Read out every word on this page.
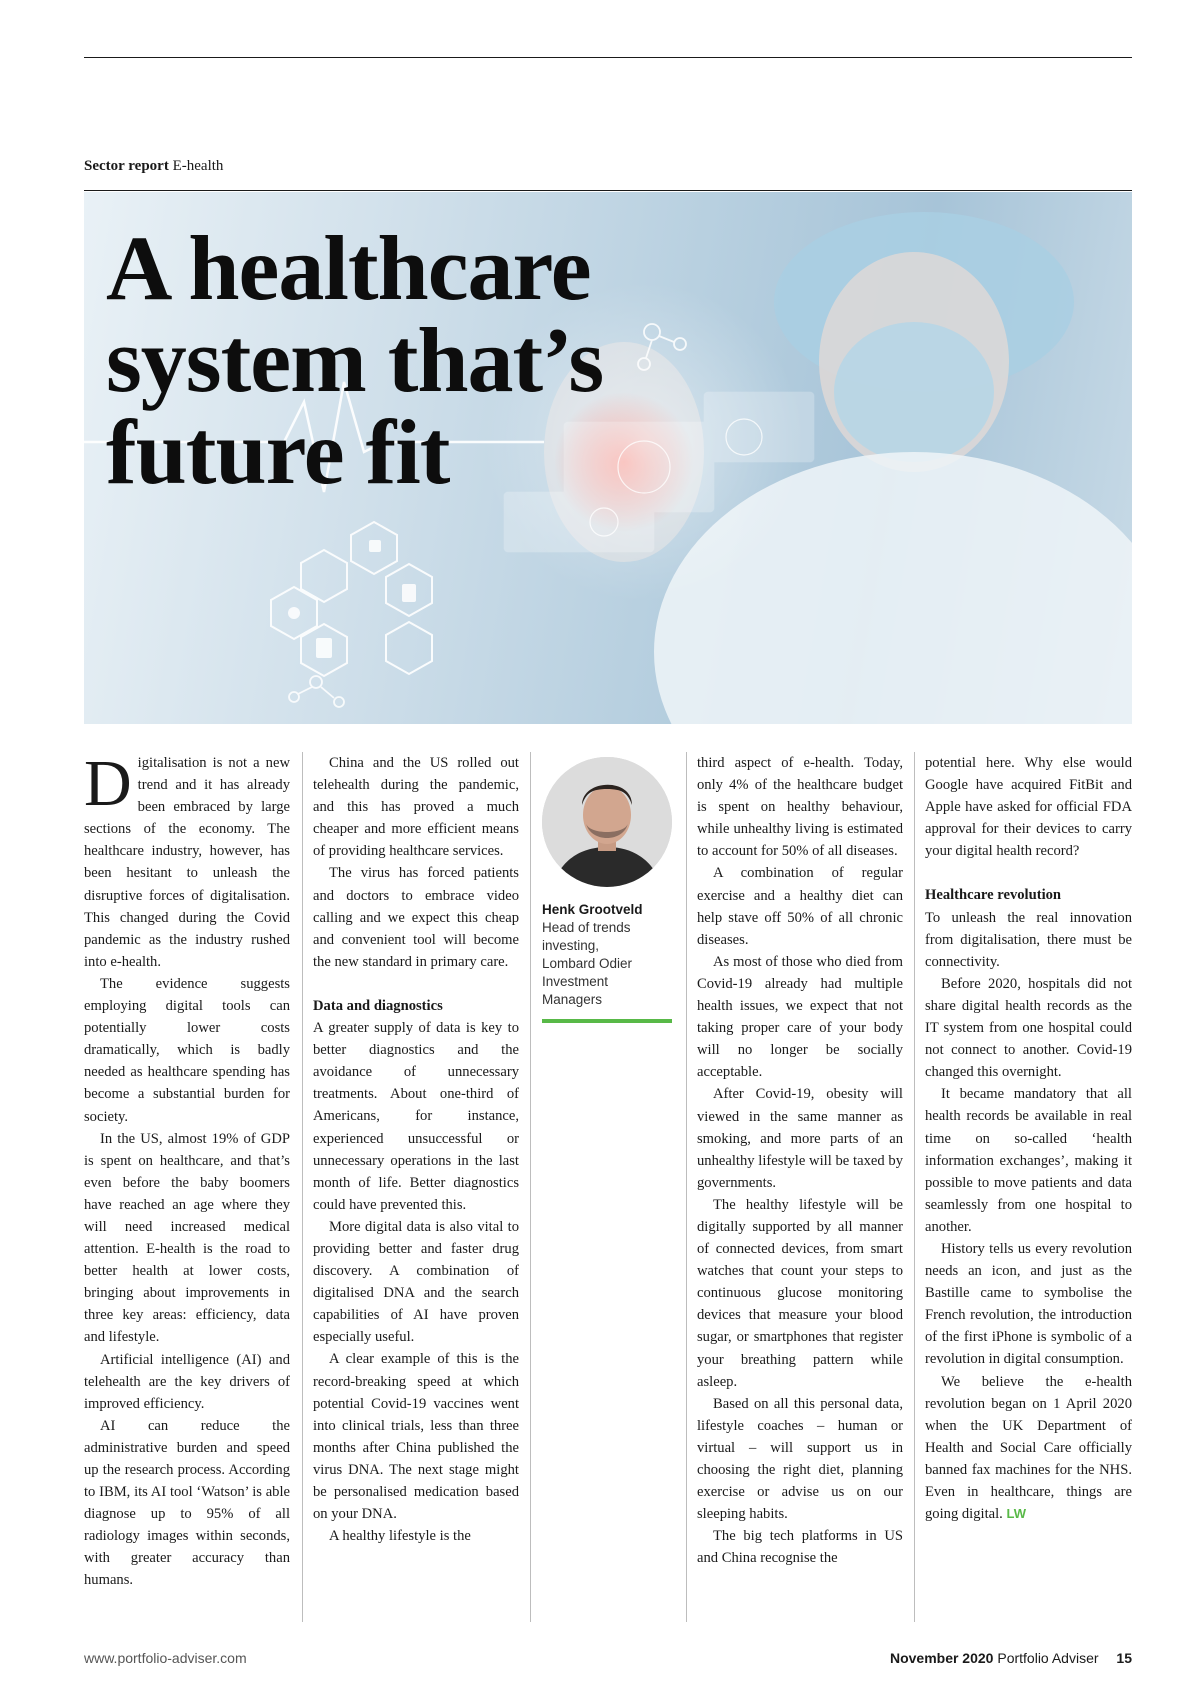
Sector report E-health
A healthcare
system that’s
future fit

Digitalisation is not a new trend and it has already been embraced by large sections of the economy. The healthcare industry, however, has been hesitant to unleash the disruptive forces of digitalisation. This changed during the Covid pandemic as the industry rushed into e-health.

The evidence suggests employing digital tools can potentially lower costs dramatically, which is badly needed as healthcare spending has become a substantial burden for society.

In the US, almost 19% of GDP is spent on healthcare, and that’s even before the baby boomers have reached an age where they will need increased medical attention. E-health is the road to better health at lower costs, bringing about improvements in three key areas: efficiency, data and lifestyle.

Artificial intelligence (AI) and telehealth are the key drivers of improved efficiency.

AI can reduce the administrative burden and speed up the research process. According to IBM, its AI tool ‘Watson’ is able diagnose up to 95% of all radiology images within seconds, with greater accuracy than humans.

China and the US rolled out telehealth during the pandemic, and this has proved a much cheaper and more efficient means of providing healthcare services.

The virus has forced patients and doctors to embrace video calling and we expect this cheap and convenient tool will become the new standard in primary care.

Data and diagnostics

A greater supply of data is key to better diagnostics and the avoidance of unnecessary treatments. About one-third of Americans, for instance, experienced unsuccessful or unnecessary operations in the last month of life. Better diagnostics could have prevented this.

More digital data is also vital to providing better and faster drug discovery. A combination of digitalised DNA and the search capabilities of AI have proven especially useful.

A clear example of this is the record-breaking speed at which potential Covid-19 vaccines went into clinical trials, less than three months after China published the virus DNA. The next stage might be personalised medication based on your DNA.

A healthy lifestyle is the

Henk Grootveld
Head of trends
investing,
Lombard Odier
Investment
Managers

third aspect of e-health. Today, only 4% of the healthcare budget is spent on healthy behaviour, while unhealthy living is estimated to account for 50% of all diseases.

A combination of regular exercise and a healthy diet can help stave off 50% of all chronic diseases.

As most of those who died from Covid-19 already had multiple health issues, we expect that not taking proper care of your body will no longer be socially acceptable.

After Covid-19, obesity will viewed in the same manner as smoking, and more parts of an unhealthy lifestyle will be taxed by governments.

The healthy lifestyle will be digitally supported by all manner of connected devices, from smart watches that count your steps to continuous glucose monitoring devices that measure your blood sugar, or smartphones that register your breathing pattern while asleep.

Based on all this personal data, lifestyle coaches – human or virtual – will support us in choosing the right diet, planning exercise or advise us on our sleeping habits.

The big tech platforms in US and China recognise the

potential here. Why else would Google have acquired FitBit and Apple have asked for official FDA approval for their devices to carry your digital health record?

Healthcare revolution

To unleash the real innovation from digitalisation, there must be connectivity.

Before 2020, hospitals did not share digital health records as the IT system from one hospital could not connect to another. Covid-19 changed this overnight.

It became mandatory that all health records be available in real time on so-called ‘health information exchanges’, making it possible to move patients and data seamlessly from one hospital to another.

History tells us every revolution needs an icon, and just as the Bastille came to symbolise the French revolution, the introduction of the first iPhone is symbolic of a revolution in digital consumption.

We believe the e-health revolution began on 1 April 2020 when the UK Department of Health and Social Care officially banned fax machines for the NHS. Even in healthcare, things are going digital. LW

www.portfolio-adviser.com	November 2020 Portfolio Adviser 15
